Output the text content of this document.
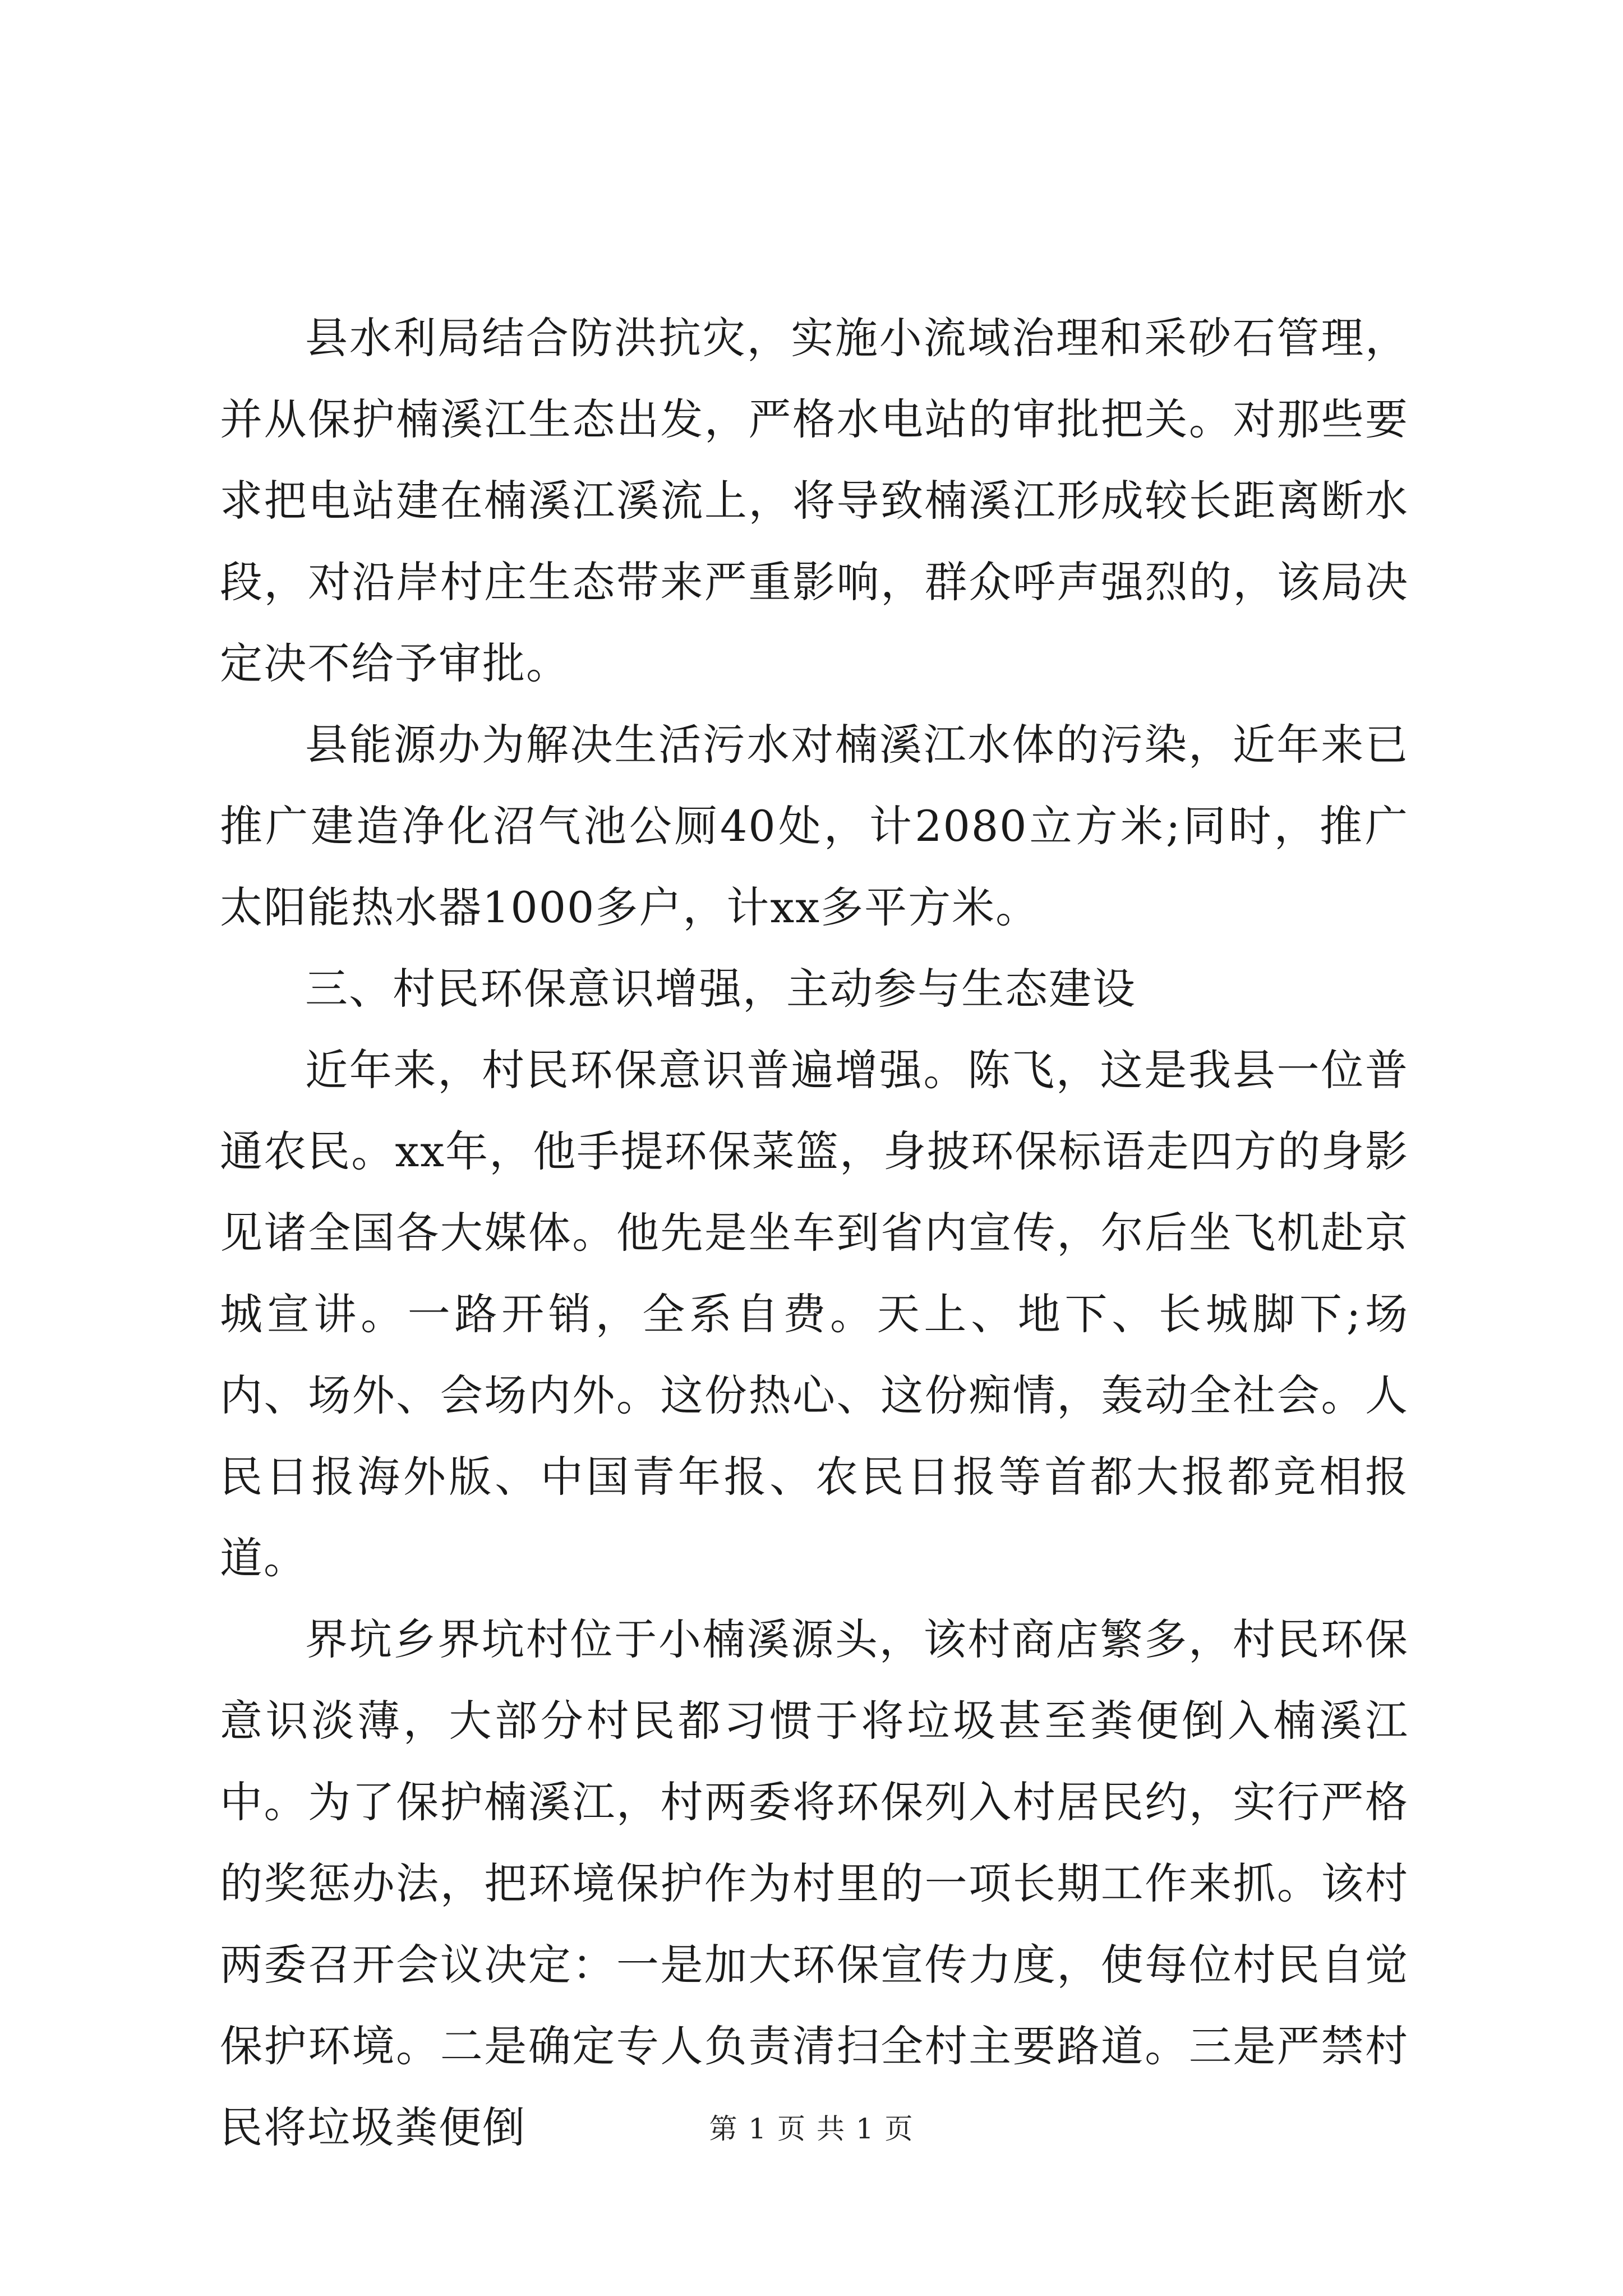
县水利局结合防洪抗灾，实施小流域治理和采砂石管理，并从保护楠溪江生态出发，严格水电站的审批把关。对那些要求把电站建在楠溪江溪流上，将导致楠溪江形成较长距离断水段，对沿岸村庄生态带来严重影响，群众呼声强烈的，该局决定决不给予审批。

县能源办为解决生活污水对楠溪江水体的污染，近年来已推广建造净化沼气池公厕40处，计2080立方米;同时，推广太阳能热水器1000多户，计xx多平方米。

三、村民环保意识增强，主动参与生态建设

近年来，村民环保意识普遍增强。陈飞，这是我县一位普通农民。xx年，他手提环保菜篮，身披环保标语走四方的身影见诸全国各大媒体。他先是坐车到省内宣传，尔后坐飞机赴京城宣讲。一路开销，全系自费。天上、地下、长城脚下;场内、场外、会场内外。这份热心、这份痴情，轰动全社会。人民日报海外版、中国青年报、农民日报等首都大报都竞相报道。

界坑乡界坑村位于小楠溪源头，该村商店繁多，村民环保意识淡薄，大部分村民都习惯于将垃圾甚至粪便倒入楠溪江中。为了保护楠溪江，村两委将环保列入村居民约，实行严格的奖惩办法，把环境保护作为村里的一项长期工作来抓。该村两委召开会议决定：一是加大环保宣传力度，使每位村民自觉保护环境。二是确定专人负责清扫全村主要路道。三是严禁村民将垃圾粪便倒	第 1 页 共 1 页
